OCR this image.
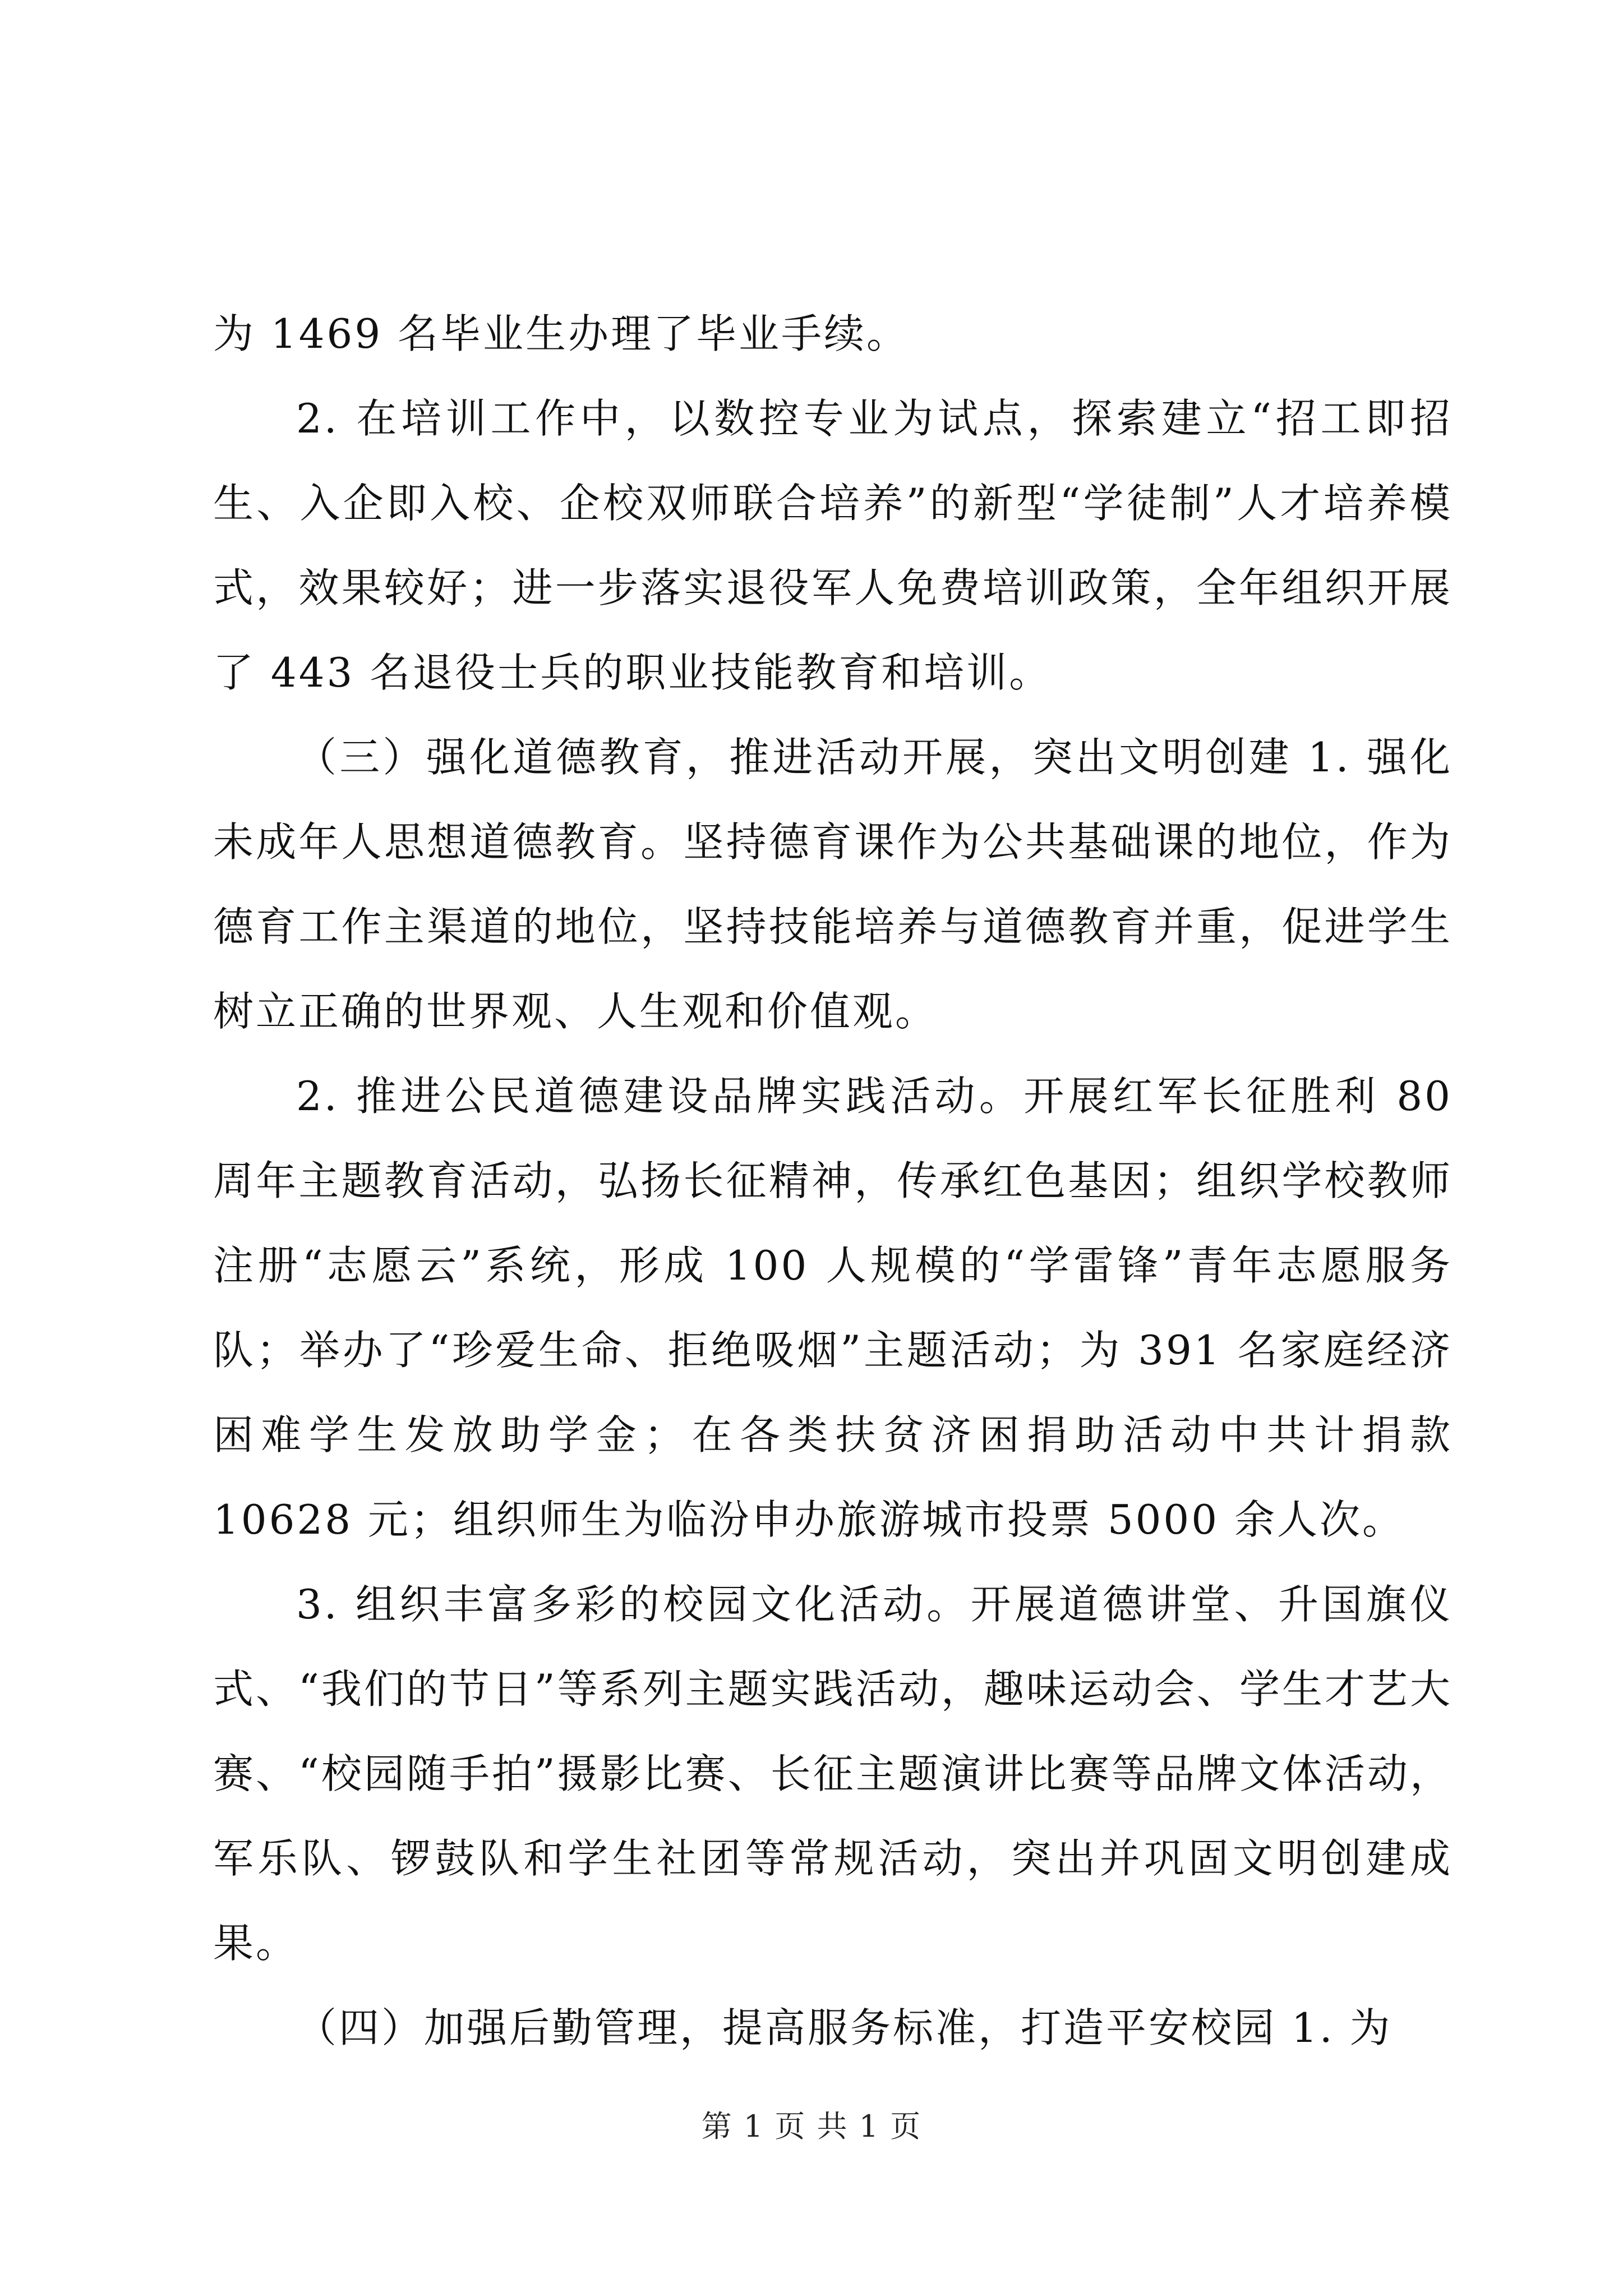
为 1469 名毕业生办理了毕业手续。

2. 在培训工作中，以数控专业为试点，探索建立“招工即招生、入企即入校、企校双师联合培养”的新型“学徒制”人才培养模式，效果较好；进一步落实退役军人免费培训政策，全年组织开展了 443 名退役士兵的职业技能教育和培训。

（三）强化道德教育，推进活动开展，突出文明创建 1. 强化未成年人思想道德教育。坚持德育课作为公共基础课的地位，作为德育工作主渠道的地位，坚持技能培养与道德教育并重，促进学生树立正确的世界观、人生观和价值观。

2. 推进公民道德建设品牌实践活动。开展红军长征胜利 80 周年主题教育活动，弘扬长征精神，传承红色基因；组织学校教师注册“志愿云”系统，形成 100 人规模的“学雷锋”青年志愿服务队；举办了“珍爱生命、拒绝吸烟”主题活动；为 391 名家庭经济困难学生发放助学金；在各类扶贫济困捐助活动中共计捐款 10628 元；组织师生为临汾申办旅游城市投票 5000 余人次。

3. 组织丰富多彩的校园文化活动。开展道德讲堂、升国旗仪式、“我们的节日”等系列主题实践活动，趣味运动会、学生才艺大赛、“校园随手拍”摄影比赛、长征主题演讲比赛等品牌文体活动，军乐队、锣鼓队和学生社团等常规活动，突出并巩固文明创建成果。

（四）加强后勤管理，提高服务标准，打造平安校园 1. 为

第 1 页 共 1 页
